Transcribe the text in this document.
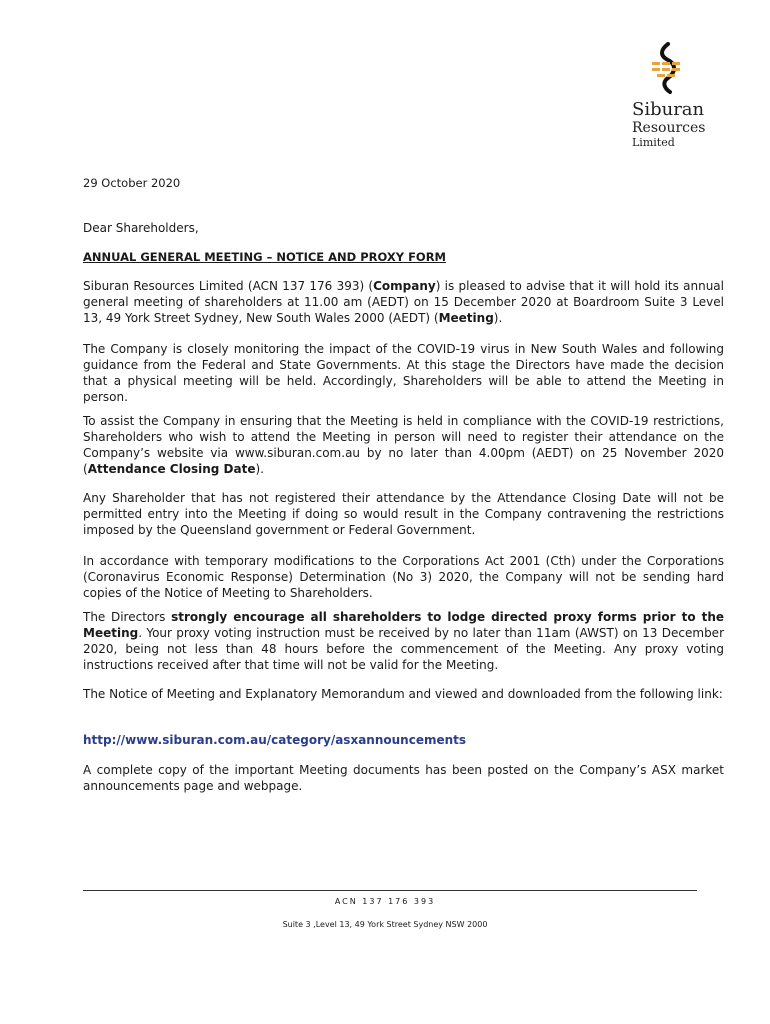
Siburan
Resources
Limited
29 October 2020
Dear Shareholders,
ANNUAL GENERAL MEETING – NOTICE AND PROXY FORM

Siburan Resources Limited (ACN 137 176 393) (Company) is pleased to advise that it will hold its annual general meeting of shareholders at 11.00 am (AEDT) on 15 December 2020 at Boardroom Suite 3 Level 13, 49 York Street Sydney, New South Wales 2000 (AEDT) (Meeting).

The Company is closely monitoring the impact of the COVID-19 virus in New South Wales and following guidance from the Federal and State Governments. At this stage the Directors have made the decision that a physical meeting will be held. Accordingly, Shareholders will be able to attend the Meeting in person.

To assist the Company in ensuring that the Meeting is held in compliance with the COVID-19 restrictions, Shareholders who wish to attend the Meeting in person will need to register their attendance on the Company’s website via www.siburan.com.au by no later than 4.00pm (AEDT) on 25 November 2020 (Attendance Closing Date).

Any Shareholder that has not registered their attendance by the Attendance Closing Date will not be permitted entry into the Meeting if doing so would result in the Company contravening the restrictions imposed by the Queensland government or Federal Government.

In accordance with temporary modifications to the Corporations Act 2001 (Cth) under the Corporations (Coronavirus Economic Response) Determination (No 3) 2020, the Company will not be sending hard copies of the Notice of Meeting to Shareholders.

The Directors strongly encourage all shareholders to lodge directed proxy forms prior to the Meeting. Your proxy voting instruction must be received by no later than 11am (AWST) on 13 December 2020, being not less than 48 hours before the commencement of the Meeting. Any proxy voting instructions received after that time will not be valid for the Meeting.

The Notice of Meeting and Explanatory Memorandum and viewed and downloaded from the following link:

http://www.siburan.com.au/category/asxannouncements

A complete copy of the important Meeting documents has been posted on the Company’s ASX market announcements page and webpage.

ACN 137 176 393
Suite 3 ,Level 13, 49 York Street Sydney NSW 2000
